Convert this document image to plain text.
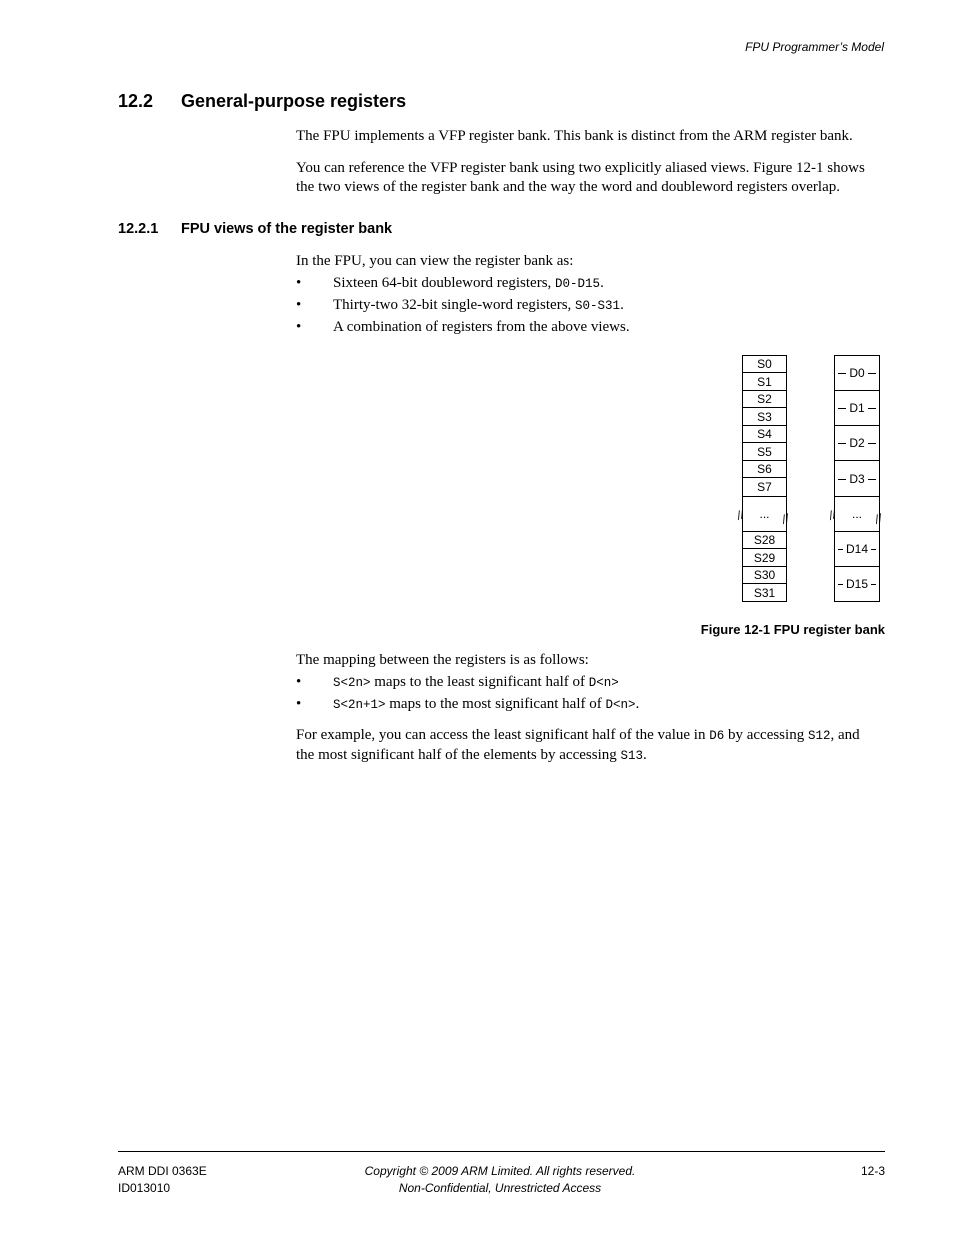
FPU Programmer’s Model
12.2 General-purpose registers
The FPU implements a VFP register bank. This bank is distinct from the ARM register bank.
You can reference the VFP register bank using two explicitly aliased views. Figure 12-1 shows
the two views of the register bank and the way the word and doubleword registers overlap.
12.2.1 FPU views of the register bank
In the FPU, you can view the register bank as:
• Sixteen 64-bit doubleword registers, D0-D15.
• Thirty-two 32-bit single-word registers, S0-S31.
• A combination of registers from the above views.
S0
S1
S2
S3
S4
S5
S6
S7
...
S28
S29
S30
S31
D0
D1
D2
D3
...
D14
D15
//	//	//	//
Figure 12-1 FPU register bank
The mapping between the registers is as follows:
•	S<2n> maps to the least significant half of D<n>
•	S<2n+1> maps to the most significant half of D<n>.
For example, you can access the least significant half of the value in D6 by accessing S12, and
the most significant half of the elements by accessing S13.
ARM DDI 0363E
ID013010
Copyright © 2009 ARM Limited. All rights reserved.
Non-Confidential, Unrestricted Access
12-3
